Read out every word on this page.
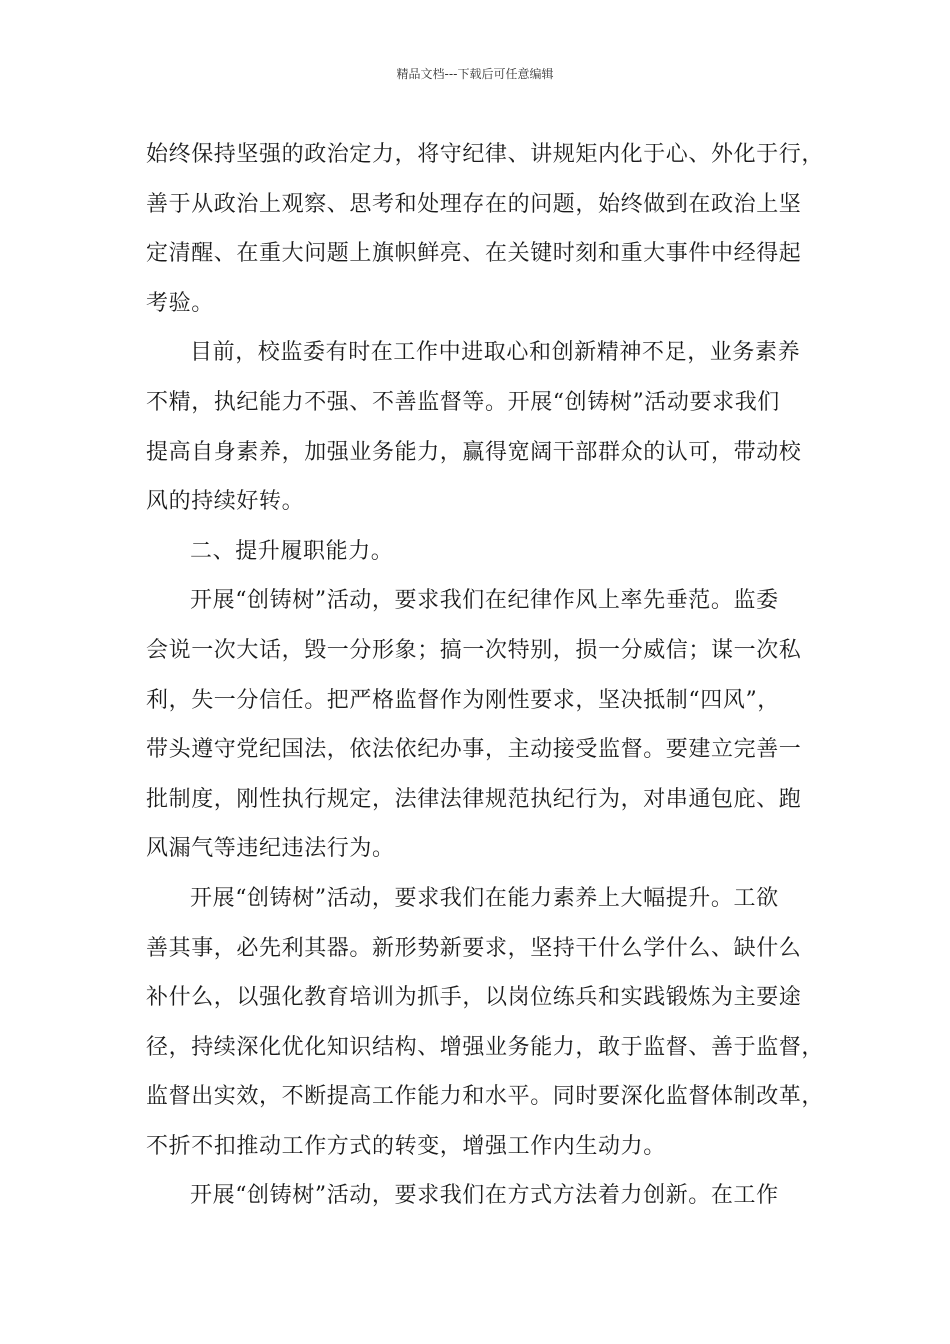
精品文档---下载后可任意编辑
始终保持坚强的政治定力，将守纪律、讲规矩内化于心、外化于行，
善于从政治上观察、思考和处理存在的问题，始终做到在政治上坚
定清醒、在重大问题上旗帜鲜亮、在关键时刻和重大事件中经得起
考验。
目前，校监委有时在工作中进取心和创新精神不足，业务素养
不精，执纪能力不强、不善监督等。开展“创铸树”活动要求我们
提高自身素养，加强业务能力，赢得宽阔干部群众的认可，带动校
风的持续好转。
二、提升履职能力。
开展“创铸树”活动，要求我们在纪律作风上率先垂范。监委
会说一次大话，毁一分形象；搞一次特别，损一分威信；谋一次私
利，失一分信任。把严格监督作为刚性要求，坚决抵制“四风”，
带头遵守党纪国法，依法依纪办事，主动接受监督。要建立完善一
批制度，刚性执行规定，法律法律规范执纪行为，对串通包庇、跑
风漏气等违纪违法行为。
开展“创铸树”活动，要求我们在能力素养上大幅提升。工欲
善其事，必先利其器。新形势新要求，坚持干什么学什么、缺什么
补什么，以强化教育培训为抓手，以岗位练兵和实践锻炼为主要途
径，持续深化优化知识结构、增强业务能力，敢于监督、善于监督，
监督出实效，不断提高工作能力和水平。同时要深化监督体制改革，
不折不扣推动工作方式的转变，增强工作内生动力。
开展“创铸树”活动，要求我们在方式方法着力创新。在工作
